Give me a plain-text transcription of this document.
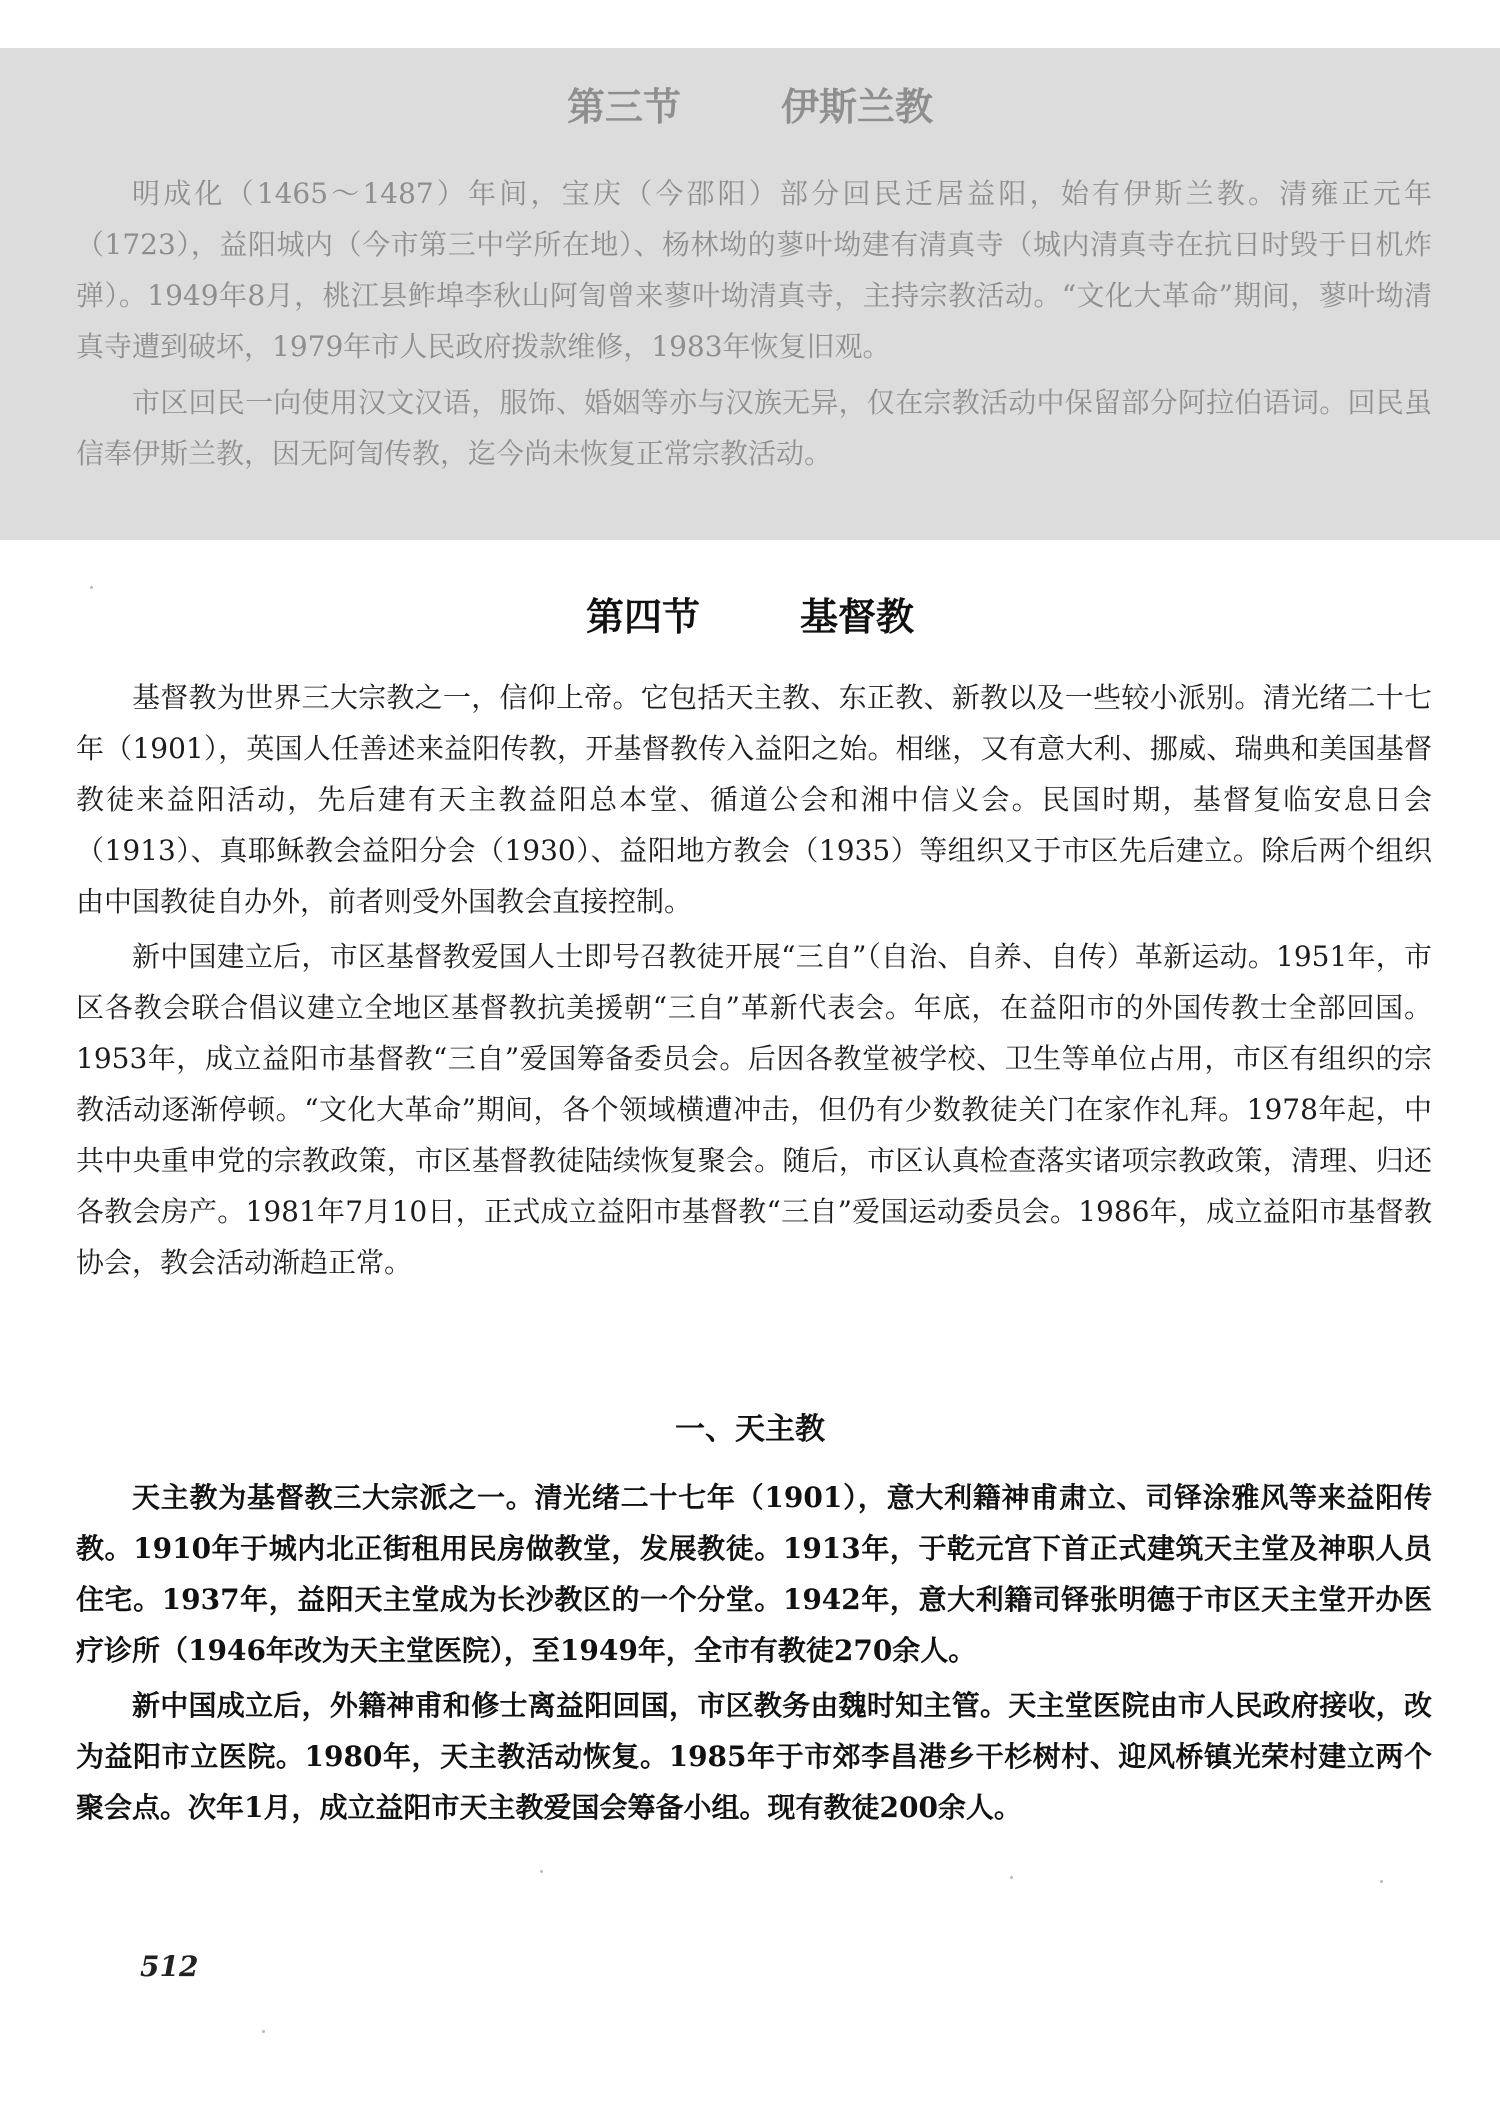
第三节	伊斯兰教

明成化（1465～1487）年间，宝庆（今邵阳）部分回民迁居益阳，始有伊斯兰教。清雍正元年（1723），益阳城内（今市第三中学所在地）、杨林坳的蓼叶坳建有清真寺（城内清真寺在抗日时毁于日机炸弹）。1949年8月，桃江县鲊埠李秋山阿訇曾来蓼叶坳清真寺，主持宗教活动。“文化大革命”期间，蓼叶坳清真寺遭到破坏，1979年市人民政府拨款维修，1983年恢复旧观。

市区回民一向使用汉文汉语，服饰、婚姻等亦与汉族无异，仅在宗教活动中保留部分阿拉伯语词。回民虽信奉伊斯兰教，因无阿訇传教，迄今尚未恢复正常宗教活动。

第四节	基督教

基督教为世界三大宗教之一，信仰上帝。它包括天主教、东正教、新教以及一些较小派别。清光绪二十七年（1901），英国人任善述来益阳传教，开基督教传入益阳之始。相继，又有意大利、挪威、瑞典和美国基督教徒来益阳活动，先后建有天主教益阳总本堂、循道公会和湘中信义会。民国时期，基督复临安息日会（1913）、真耶稣教会益阳分会（1930）、益阳地方教会（1935）等组织又于市区先后建立。除后两个组织由中国教徒自办外，前者则受外国教会直接控制。

新中国建立后，市区基督教爱国人士即号召教徒开展“三自”（自治、自养、自传）革新运动。1951年，市区各教会联合倡议建立全地区基督教抗美援朝“三自”革新代表会。年底，在益阳市的外国传教士全部回国。1953年，成立益阳市基督教“三自”爱国筹备委员会。后因各教堂被学校、卫生等单位占用，市区有组织的宗教活动逐渐停顿。“文化大革命”期间，各个领域横遭冲击，但仍有少数教徒关门在家作礼拜。1978年起，中共中央重申党的宗教政策，市区基督教徒陆续恢复聚会。随后，市区认真检查落实诸项宗教政策，清理、归还各教会房产。1981年7月10日，正式成立益阳市基督教“三自”爱国运动委员会。1986年，成立益阳市基督教协会，教会活动渐趋正常。

一、天主教

天主教为基督教三大宗派之一。清光绪二十七年（1901），意大利籍神甫肃立、司铎涂雅风等来益阳传教。1910年于城内北正街租用民房做教堂，发展教徒。1913年，于乾元宫下首正式建筑天主堂及神职人员住宅。1937年，益阳天主堂成为长沙教区的一个分堂。1942年，意大利籍司铎张明德于市区天主堂开办医疗诊所（1946年改为天主堂医院），至1949年，全市有教徒270余人。

新中国成立后，外籍神甫和修士离益阳回国，市区教务由魏时知主管。天主堂医院由市人民政府接收，改为益阳市立医院。1980年，天主教活动恢复。1985年于市郊李昌港乡干杉树村、迎风桥镇光荣村建立两个聚会点。次年1月，成立益阳市天主教爱国会筹备小组。现有教徒200余人。

512
